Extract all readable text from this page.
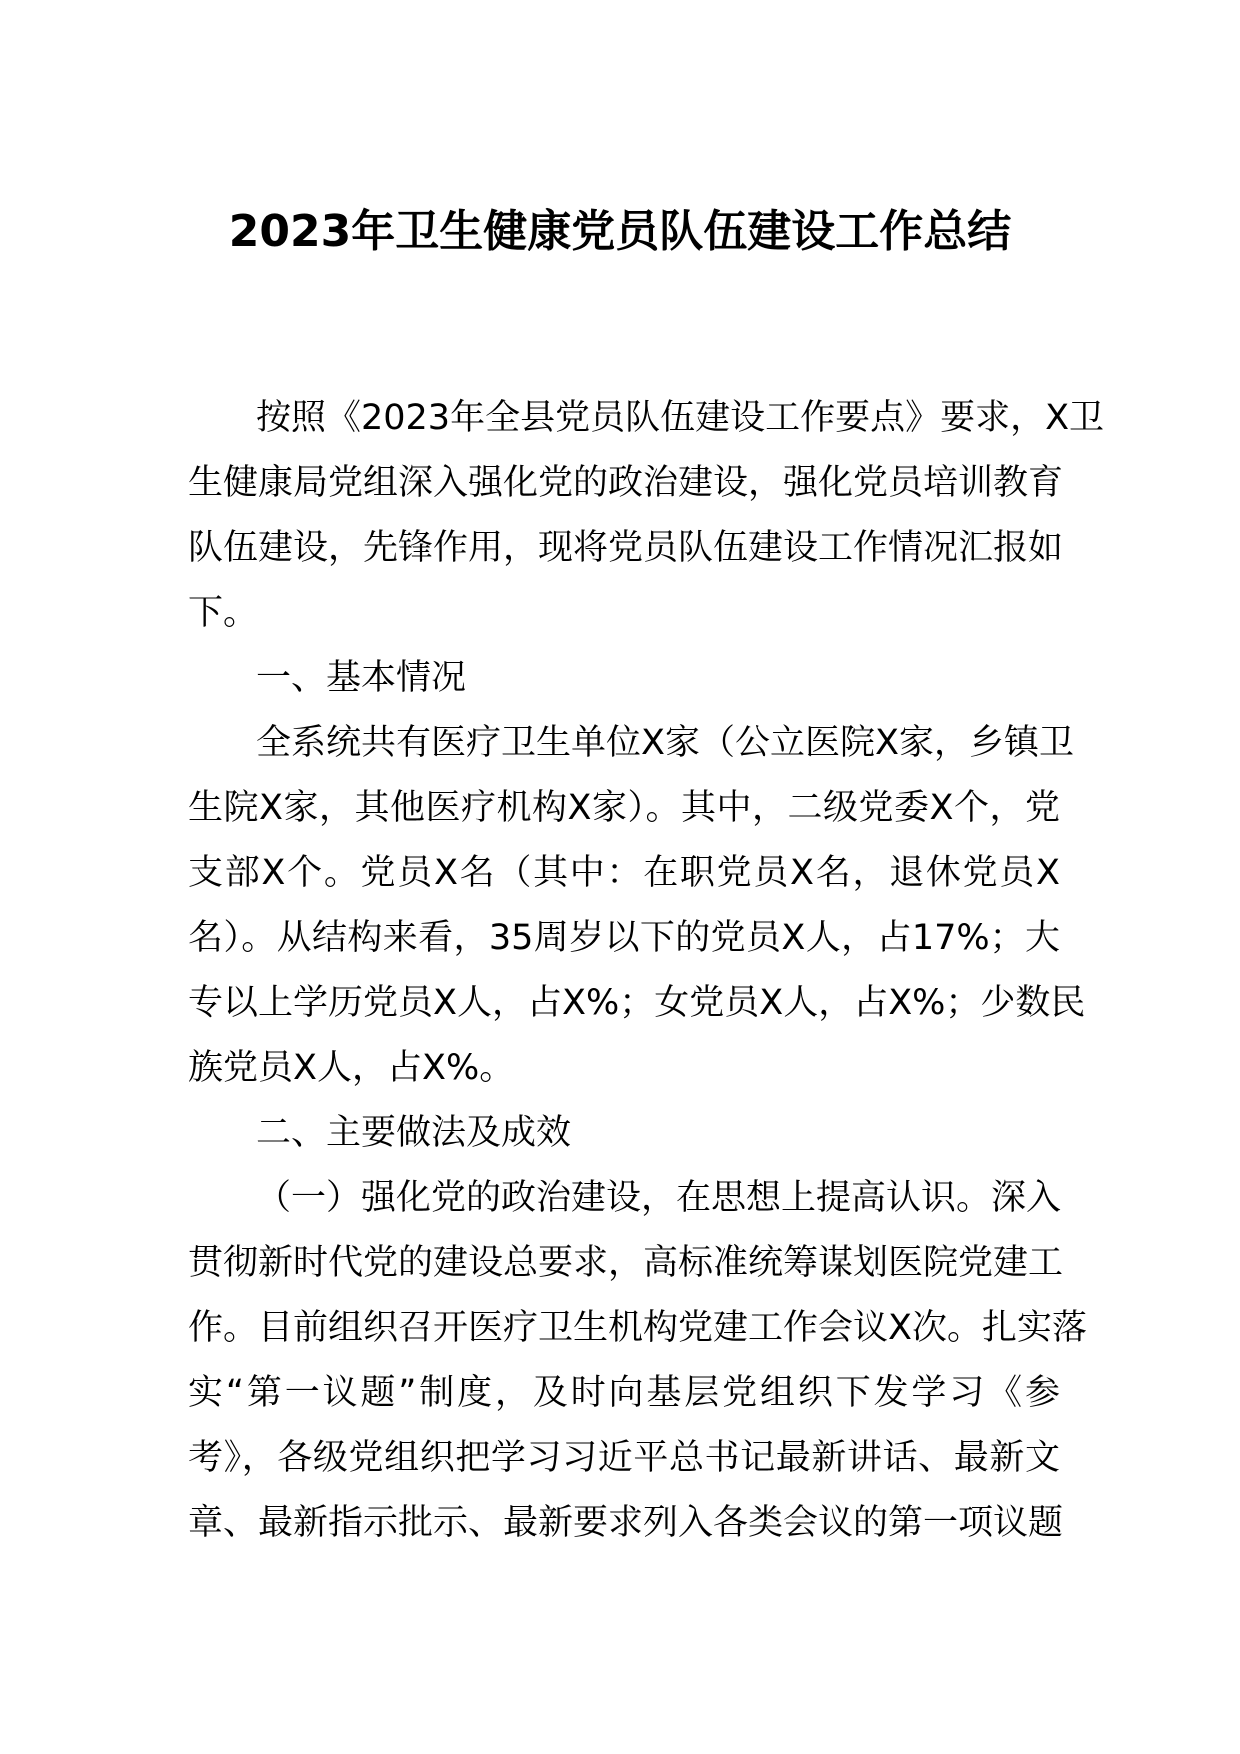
2023年卫生健康党员队伍建设工作总结
按照《2023年全县党员队伍建设工作要点》要求，X卫
生健康局党组深入强化党的政治建设，强化党员培训教育
队伍建设，先锋作用，现将党员队伍建设工作情况汇报如
下。
一、基本情况
全系统共有医疗卫生单位X家（公立医院X家，乡镇卫
生院X家，其他医疗机构X家）。其中，二级党委X个，党
支部X个。党员X名（其中：在职党员X名，退休党员X
名）。从结构来看，35周岁以下的党员X人，占17%；大
专以上学历党员X人，占X%；女党员X人，占X%；少数民
族党员X人，占X%。
二、主要做法及成效
（一）强化党的政治建设，在思想上提高认识。深入
贯彻新时代党的建设总要求，高标准统筹谋划医院党建工
作。目前组织召开医疗卫生机构党建工作会议X次。扎实落
实“第一议题”制度，及时向基层党组织下发学习《参
考》，各级党组织把学习习近平总书记最新讲话、最新文
章、最新指示批示、最新要求列入各类会议的第一项议题
